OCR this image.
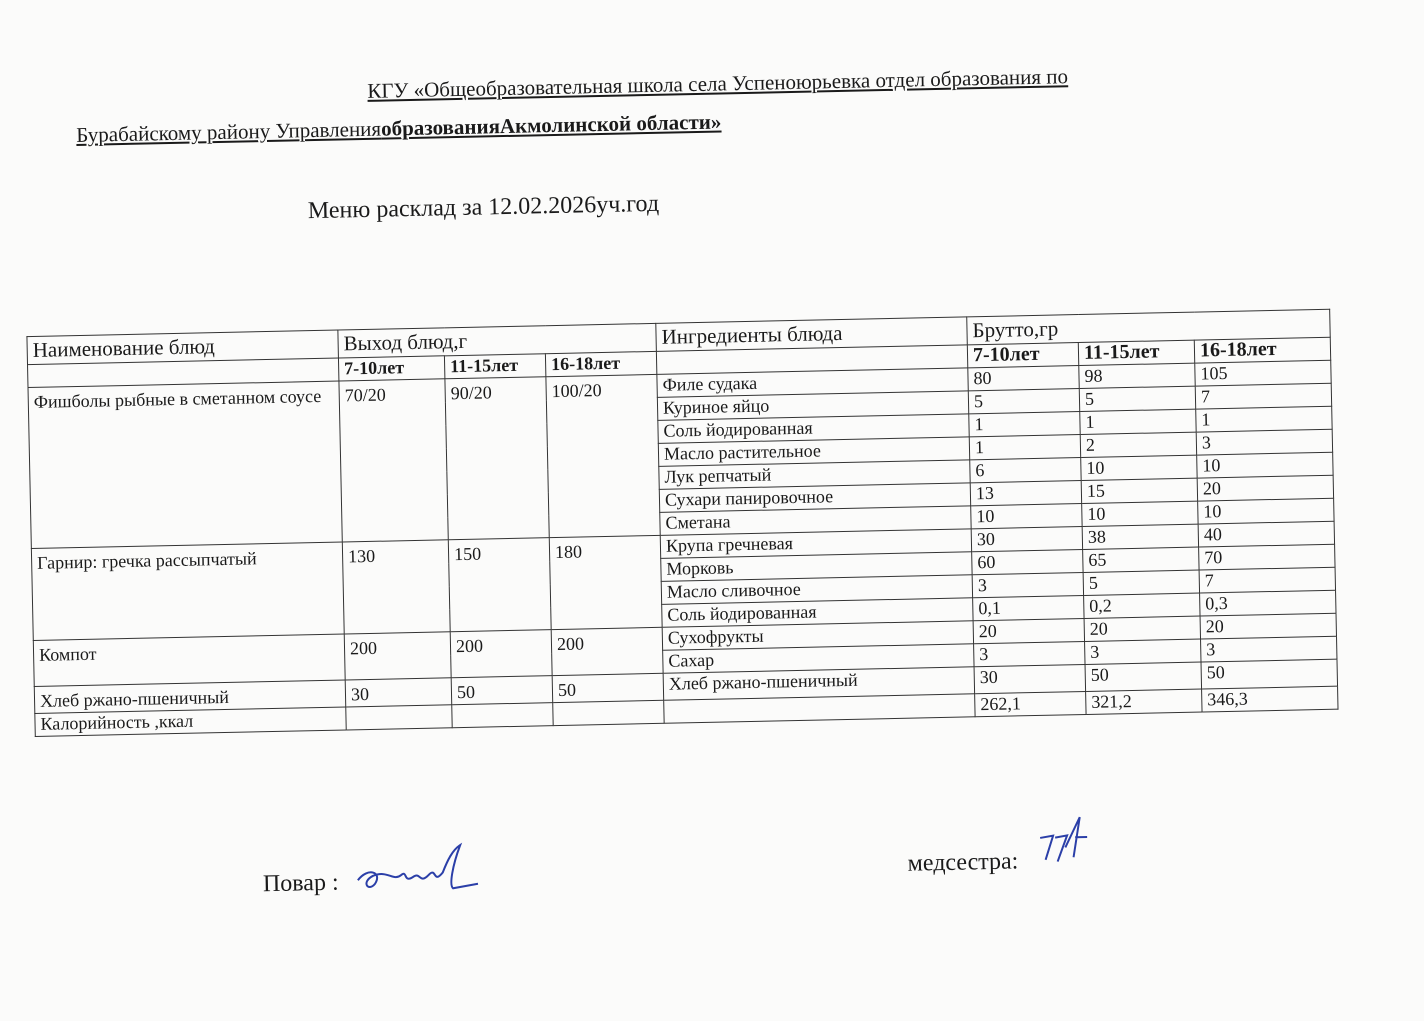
КГУ «Общеобразовательная школа села Успеноюрьевка отдел образования по
Бурабайскому району УправленияобразованияАкмолинской области»
Меню расклад за 12.02.2026уч.год
Наименование блюд	Выход блюд,г			Ингредиенты блюда	Брутто,гр		
	7-10лет	11-15лет	16-18лет		7-10лет	11-15лет	16-18лет
Фишболы рыбные в сметанном соусе	70/20	90/20	100/20	Филе судака	80	98	105
				Куриное яйцо	5	5	7
				Соль йодированная	1	1	1
				Масло растительное	1	2	3
				Лук репчатый	6	10	10
				Сухари панировочное	13	15	20
				Сметана	10	10	10
Гарнир: гречка рассыпчатый	130	150	180	Крупа гречневая	30	38	40
				Морковь	60	65	70
				Масло сливочное	3	5	7
				Соль йодированная	0,1	0,2	0,3
Компот	200	200	200	Сухофрукты	20	20	20
				Сахар	3	3	3
Хлеб ржано-пшеничный	30	50	50	Хлеб ржано-пшеничный	30	50	50
Калорийность ,ккал					262,1	321,2	346,3
Повар :
медсестра:
